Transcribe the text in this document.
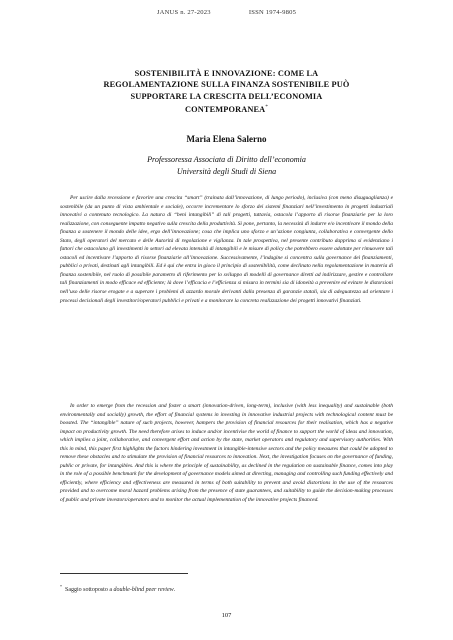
JANUS n. 27-2023	ISSN 1974-9805
SOSTENIBILITÀ E INNOVAZIONE: COME LA
REGOLAMENTAZIONE SULLA FINANZA SOSTENIBILE PUÒ
SUPPORTARE LA CRESCITA DELL’ECONOMIA
CONTEMPORANEA*
Maria Elena Salerno
Professoressa Associata di Diritto dell’economia
Università degli Studi di Siena

Per uscire dalla recessione e favorire una crescita “smart” (trainata dall’innovazione, di lungo periodo), inclusiva (con meno disuguaglianza) e sostenibile (da un punto di vista ambientale e sociale), occorre incrementare lo sforzo dei sistemi finanziari nell’investimento in progetti industriali innovativi a contenuto tecnologico. La natura di “beni intangibili” di tali progetti, tuttavia, ostacola l’apporto di risorse finanziarie per la loro realizzazione, con conseguente impatto negativo sulla crescita della produttività. Si pone, pertanto, la necessità di indurre e/o incentivare il mondo della finanza a sostenere il mondo delle idee, ergo dell’innovazione; cosa che implica uno sforzo e un’azione congiunta, collaborativa e convergente dello Stato, degli operatori del mercato e delle Autorità di regolazione e vigilanza. In tale prospettiva, nel presente contributo dapprima si evidenziano i fattori che ostacolano gli investimenti in settori ad elevata intensità di intangibili e le misure di policy che potrebbero essere adottate per rimuovere tali ostacoli ed incentivare l’apporto di risorse finanziarie all’innovazione. Successivamente, l’indagine si concentra sulla governance dei finanziamenti, pubblici o privati, destinati agli intangibili. Ed è qui che entra in gioco il principio di sostenibilità, come declinato nella regolamentazione in materia di finanza sostenibile, nel ruolo di possibile parametro di riferimento per lo sviluppo di modelli di governance diretti ad indirizzare, gestire e controllare tali finanziamenti in modo efficace ed efficiente; là dove l’efficacia e l’efficienza si misura in termini sia di idoneità a prevenire ed evitare le distorsioni nell’uso delle risorse erogate e a superare i problemi di azzardo morale derivanti dalla presenza di garanzie statali, sia di adeguatezza ad orientare i processi decisionali degli investitori/operatori pubblici e privati e a monitorare la concreta realizzazione dei progetti innovativi finanziati.

In order to emerge from the recession and foster a smart (innovation-driven, long-term), inclusive (with less inequality) and sustainable (both environmentally and socially) growth, the effort of financial systems in investing in innovative industrial projects with technological content must be boosted. The “intangible” nature of such projects, however, hampers the provision of financial resources for their realisation, which has a negative impact on productivity growth. The need therefore arises to induce and/or incentivise the world of finance to support the world of ideas and innovation, which implies a joint, collaborative, and convergent effort and action by the state, market operators and regulatory and supervisory authorities. With this in mind, this paper first highlights the factors hindering investment in intangible-intensive sectors and the policy measures that could be adopted to remove these obstacles and to stimulate the provision of financial resources to innovation. Next, the investigation focuses on the governance of funding, public or private, for intangibles. And this is where the principle of sustainability, as declined in the regulation on sustainable finance, comes into play in the role of a possible benchmark for the development of governance models aimed at directing, managing and controlling such funding effectively and efficiently, where efficiency and effectiveness are measured in terms of both suitability to prevent and avoid distortions in the use of the resources provided and to overcome moral hazard problems arising from the presence of state guarantees, and suitability to guide the decision-making processes of public and private investors/operators and to monitor the actual implementation of the innovative projects financed.

*Saggio sottoposto a double-blind peer review.
107
